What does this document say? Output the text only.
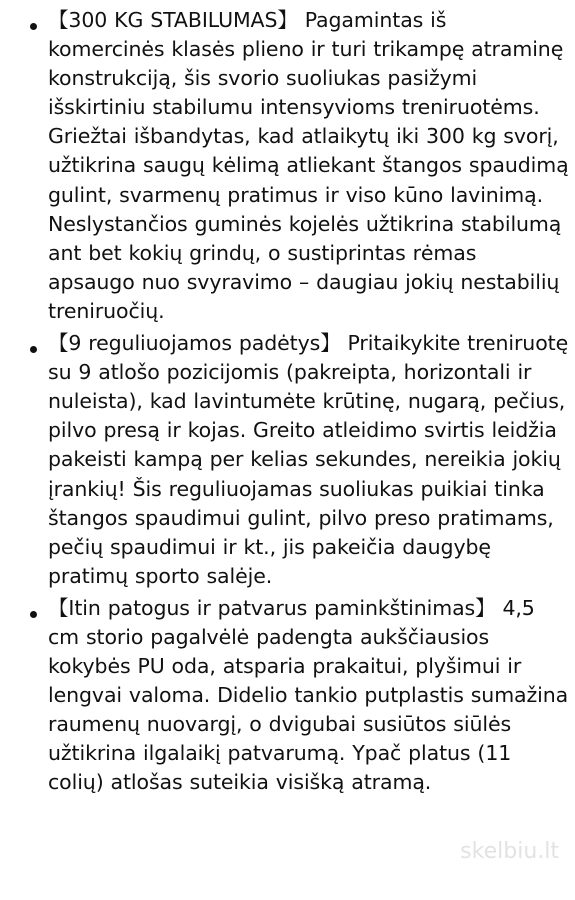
【300 KG STABILUMAS】 Pagamintas iš komercinės klasės plieno ir turi trikampę atraminę konstrukciją, šis svorio suoliukas pasižymi išskirtiniu stabilumu intensyvioms treniruotėms. Griežtai išbandytas, kad atlaikytų iki 300 kg svorį, užtikrina saugų kėlimą atliekant štangos spaudimą gulint, svarmenų pratimus ir viso kūno lavinimą. Neslystančios guminės kojelės užtikrina stabilumą ant bet kokių grindų, o sustiprintas rėmas apsaugo nuo svyravimo – daugiau jokių nestabilių treniruočių.
【9 reguliuojamos padėtys】 Pritaikykite treniruotę su 9 atlošo pozicijomis (pakreipta, horizontali ir nuleista), kad lavintumėte krūtinę, nugarą, pečius, pilvo presą ir kojas. Greito atleidimo svirtis leidžia pakeisti kampą per kelias sekundes, nereikia jokių įrankių! Šis reguliuojamas suoliukas puikiai tinka štangos spaudimui gulint, pilvo preso pratimams, pečių spaudimui ir kt., jis pakeičia daugybę pratimų sporto salėje.
【Itin patogus ir patvarus paminkštinimas】 4,5 cm storio pagalvėlė padengta aukščiausios kokybės PU oda, atsparia prakaitui, plyšimui ir lengvai valoma. Didelio tankio putplastis sumažina raumenų nuovargį, o dvigubai susiūtos siūlės užtikrina ilgalaikį patvarumą. Ypač platus (11 colių) atlošas suteikia visišką atramą.
skelbiu.lt
